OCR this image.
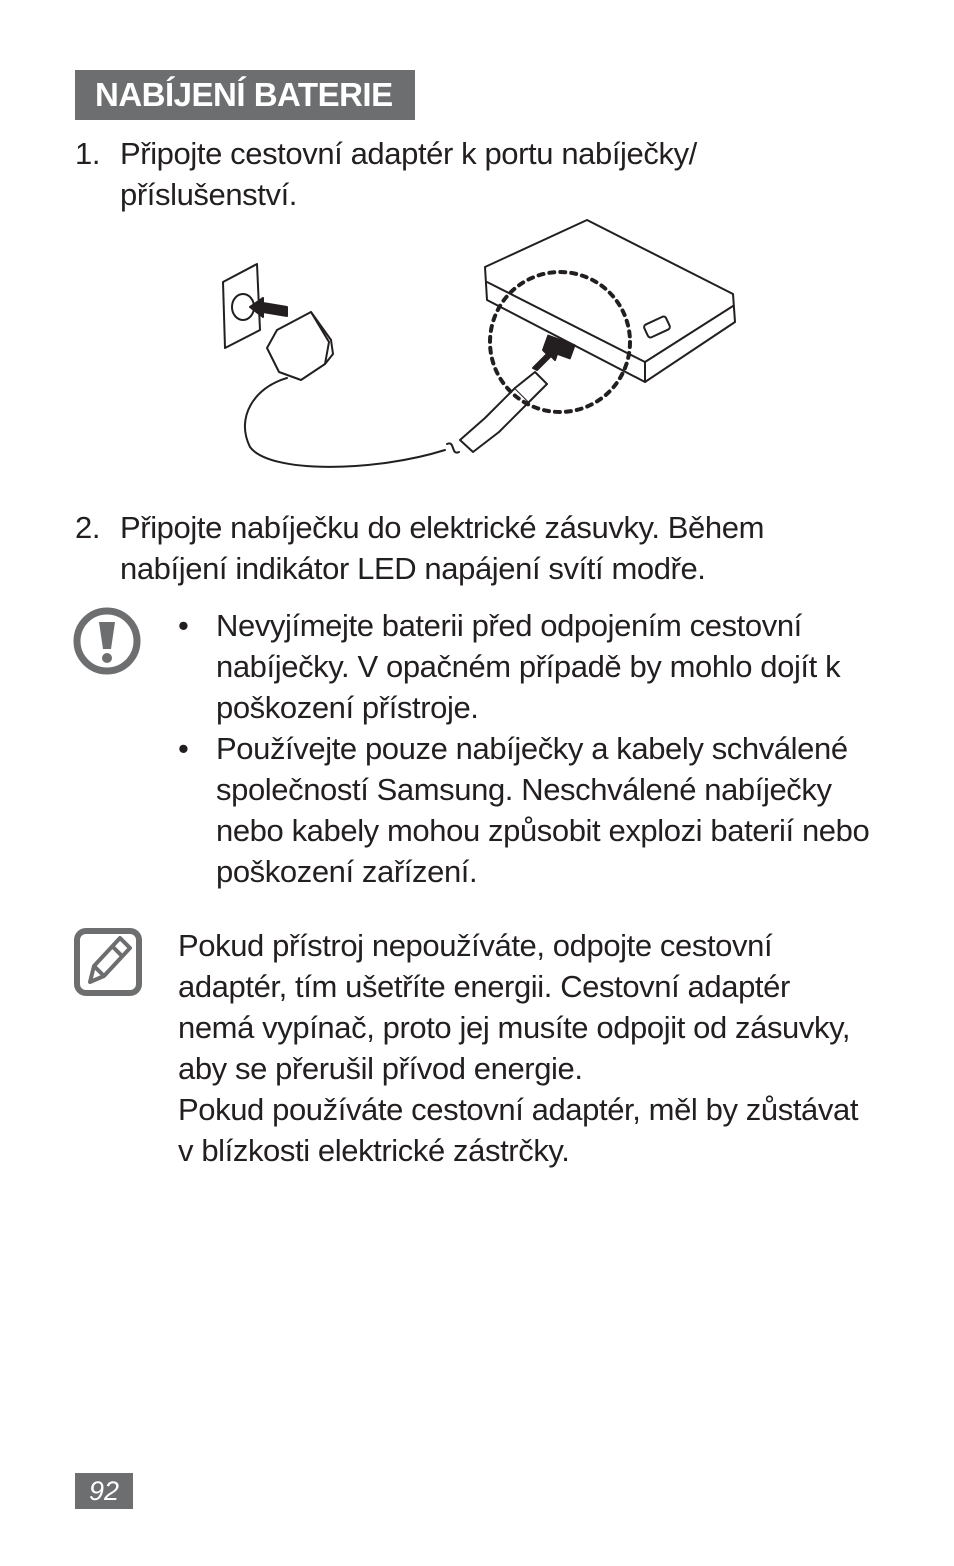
NABÍJENÍ BATERIE
1. Připojte cestovní adaptér k portu nabíječky/ příslušenství.
2. Připojte nabíječku do elektrické zásuvky. Během nabíjení indikátor LED napájení svítí modře.
• Nevyjímejte baterii před odpojením cestovní nabíječky. V opačném případě by mohlo dojít k poškození přístroje.
• Používejte pouze nabíječky a kabely schválené společností Samsung. Neschválené nabíječky nebo kabely mohou způsobit explozi baterií nebo poškození zařízení.

Pokud přístroj nepoužíváte, odpojte cestovní adaptér, tím ušetříte energii. Cestovní adaptér nemá vypínač, proto jej musíte odpojit od zásuvky, aby se přerušil přívod energie.

Pokud používáte cestovní adaptér, měl by zůstávat v blízkosti elektrické zástrčky.

92
